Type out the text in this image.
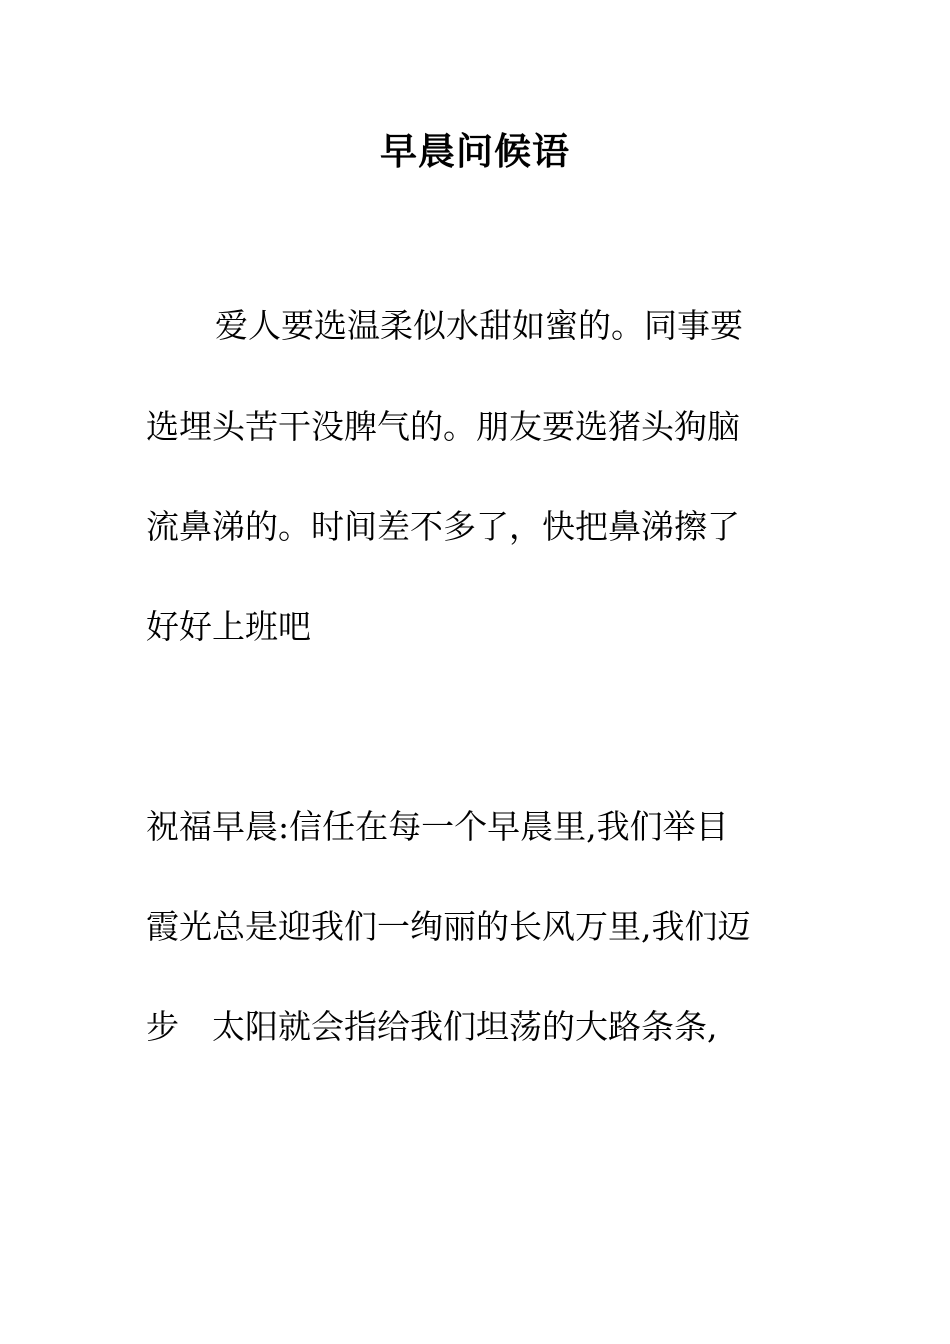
早晨问候语
爱人要选温柔似水甜如蜜的。同事要
选埋头苦干没脾气的。朋友要选猪头狗脑
流鼻涕的。时间差不多了，快把鼻涕擦了
好好上班吧
祝福早晨:信任在每一个早晨里,我们举目
霞光总是迎我们一绚丽的长风万里,我们迈
步　太阳就会指给我们坦荡的大路条条,
